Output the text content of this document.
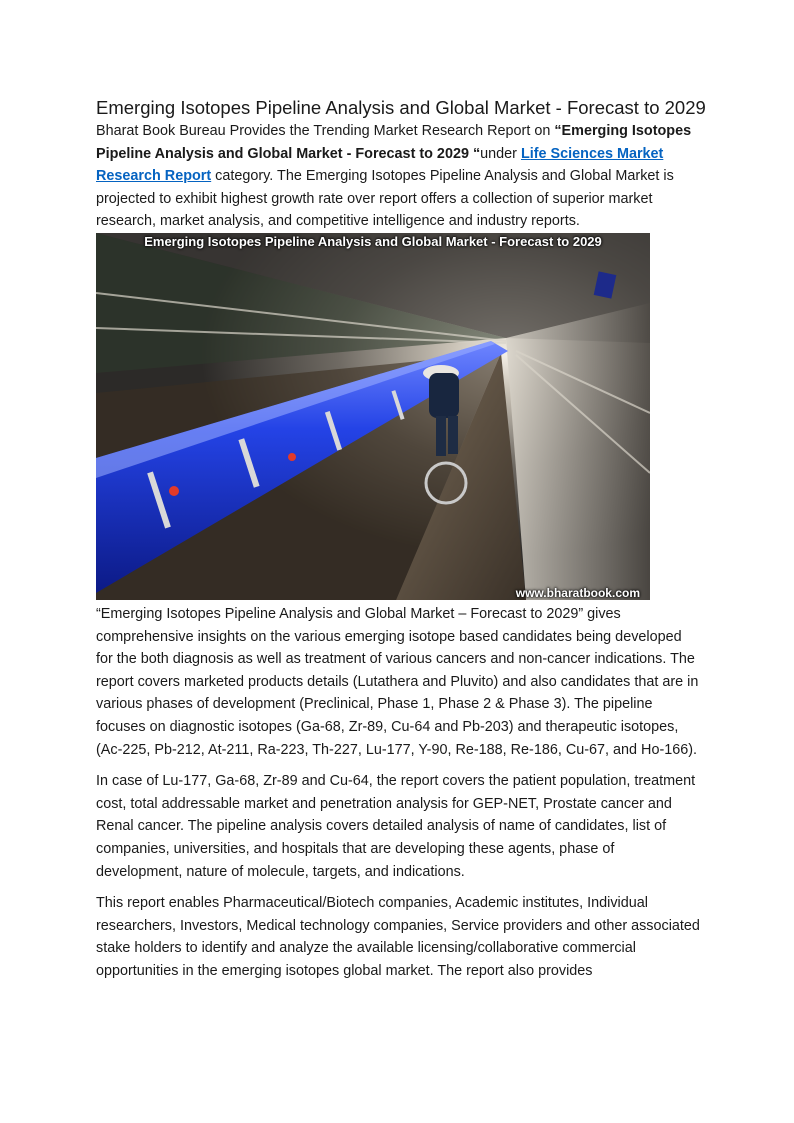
Emerging Isotopes Pipeline Analysis and Global Market - Forecast to 2029

Bharat Book Bureau Provides the Trending Market Research Report on “Emerging Isotopes Pipeline Analysis and Global Market - Forecast to 2029 “under Life Sciences Market Research Report category. The Emerging Isotopes Pipeline Analysis and Global Market is projected to exhibit highest growth rate over report offers a collection of superior market research, market analysis, and competitive intelligence and industry reports.

Emerging Isotopes Pipeline Analysis and Global Market - Forecast to 2029
www.bharatbook.com

“Emerging Isotopes Pipeline Analysis and Global Market – Forecast to 2029” gives comprehensive insights on the various emerging isotope based candidates being developed for the both diagnosis as well as treatment of various cancers and non-cancer indications. The report covers marketed products details (Lutathera and Pluvito) and also candidates that are in various phases of development (Preclinical, Phase 1, Phase 2 & Phase 3). The pipeline focuses on diagnostic isotopes (Ga-68, Zr-89, Cu-64 and Pb-203) and therapeutic isotopes, (Ac-225, Pb-212, At-211, Ra-223, Th-227, Lu-177, Y-90, Re-188, Re-186, Cu-67, and Ho-166).

In case of Lu-177, Ga-68, Zr-89 and Cu-64, the report covers the patient population, treatment cost, total addressable market and penetration analysis for GEP-NET, Prostate cancer and Renal cancer. The pipeline analysis covers detailed analysis of name of candidates, list of companies, universities, and hospitals that are developing these agents, phase of development, nature of molecule, targets, and indications.

This report enables Pharmaceutical/Biotech companies, Academic institutes, Individual researchers, Investors, Medical technology companies, Service providers and other associated stake holders to identify and analyze the available licensing/collaborative commercial opportunities in the emerging isotopes global market. The report also provides
